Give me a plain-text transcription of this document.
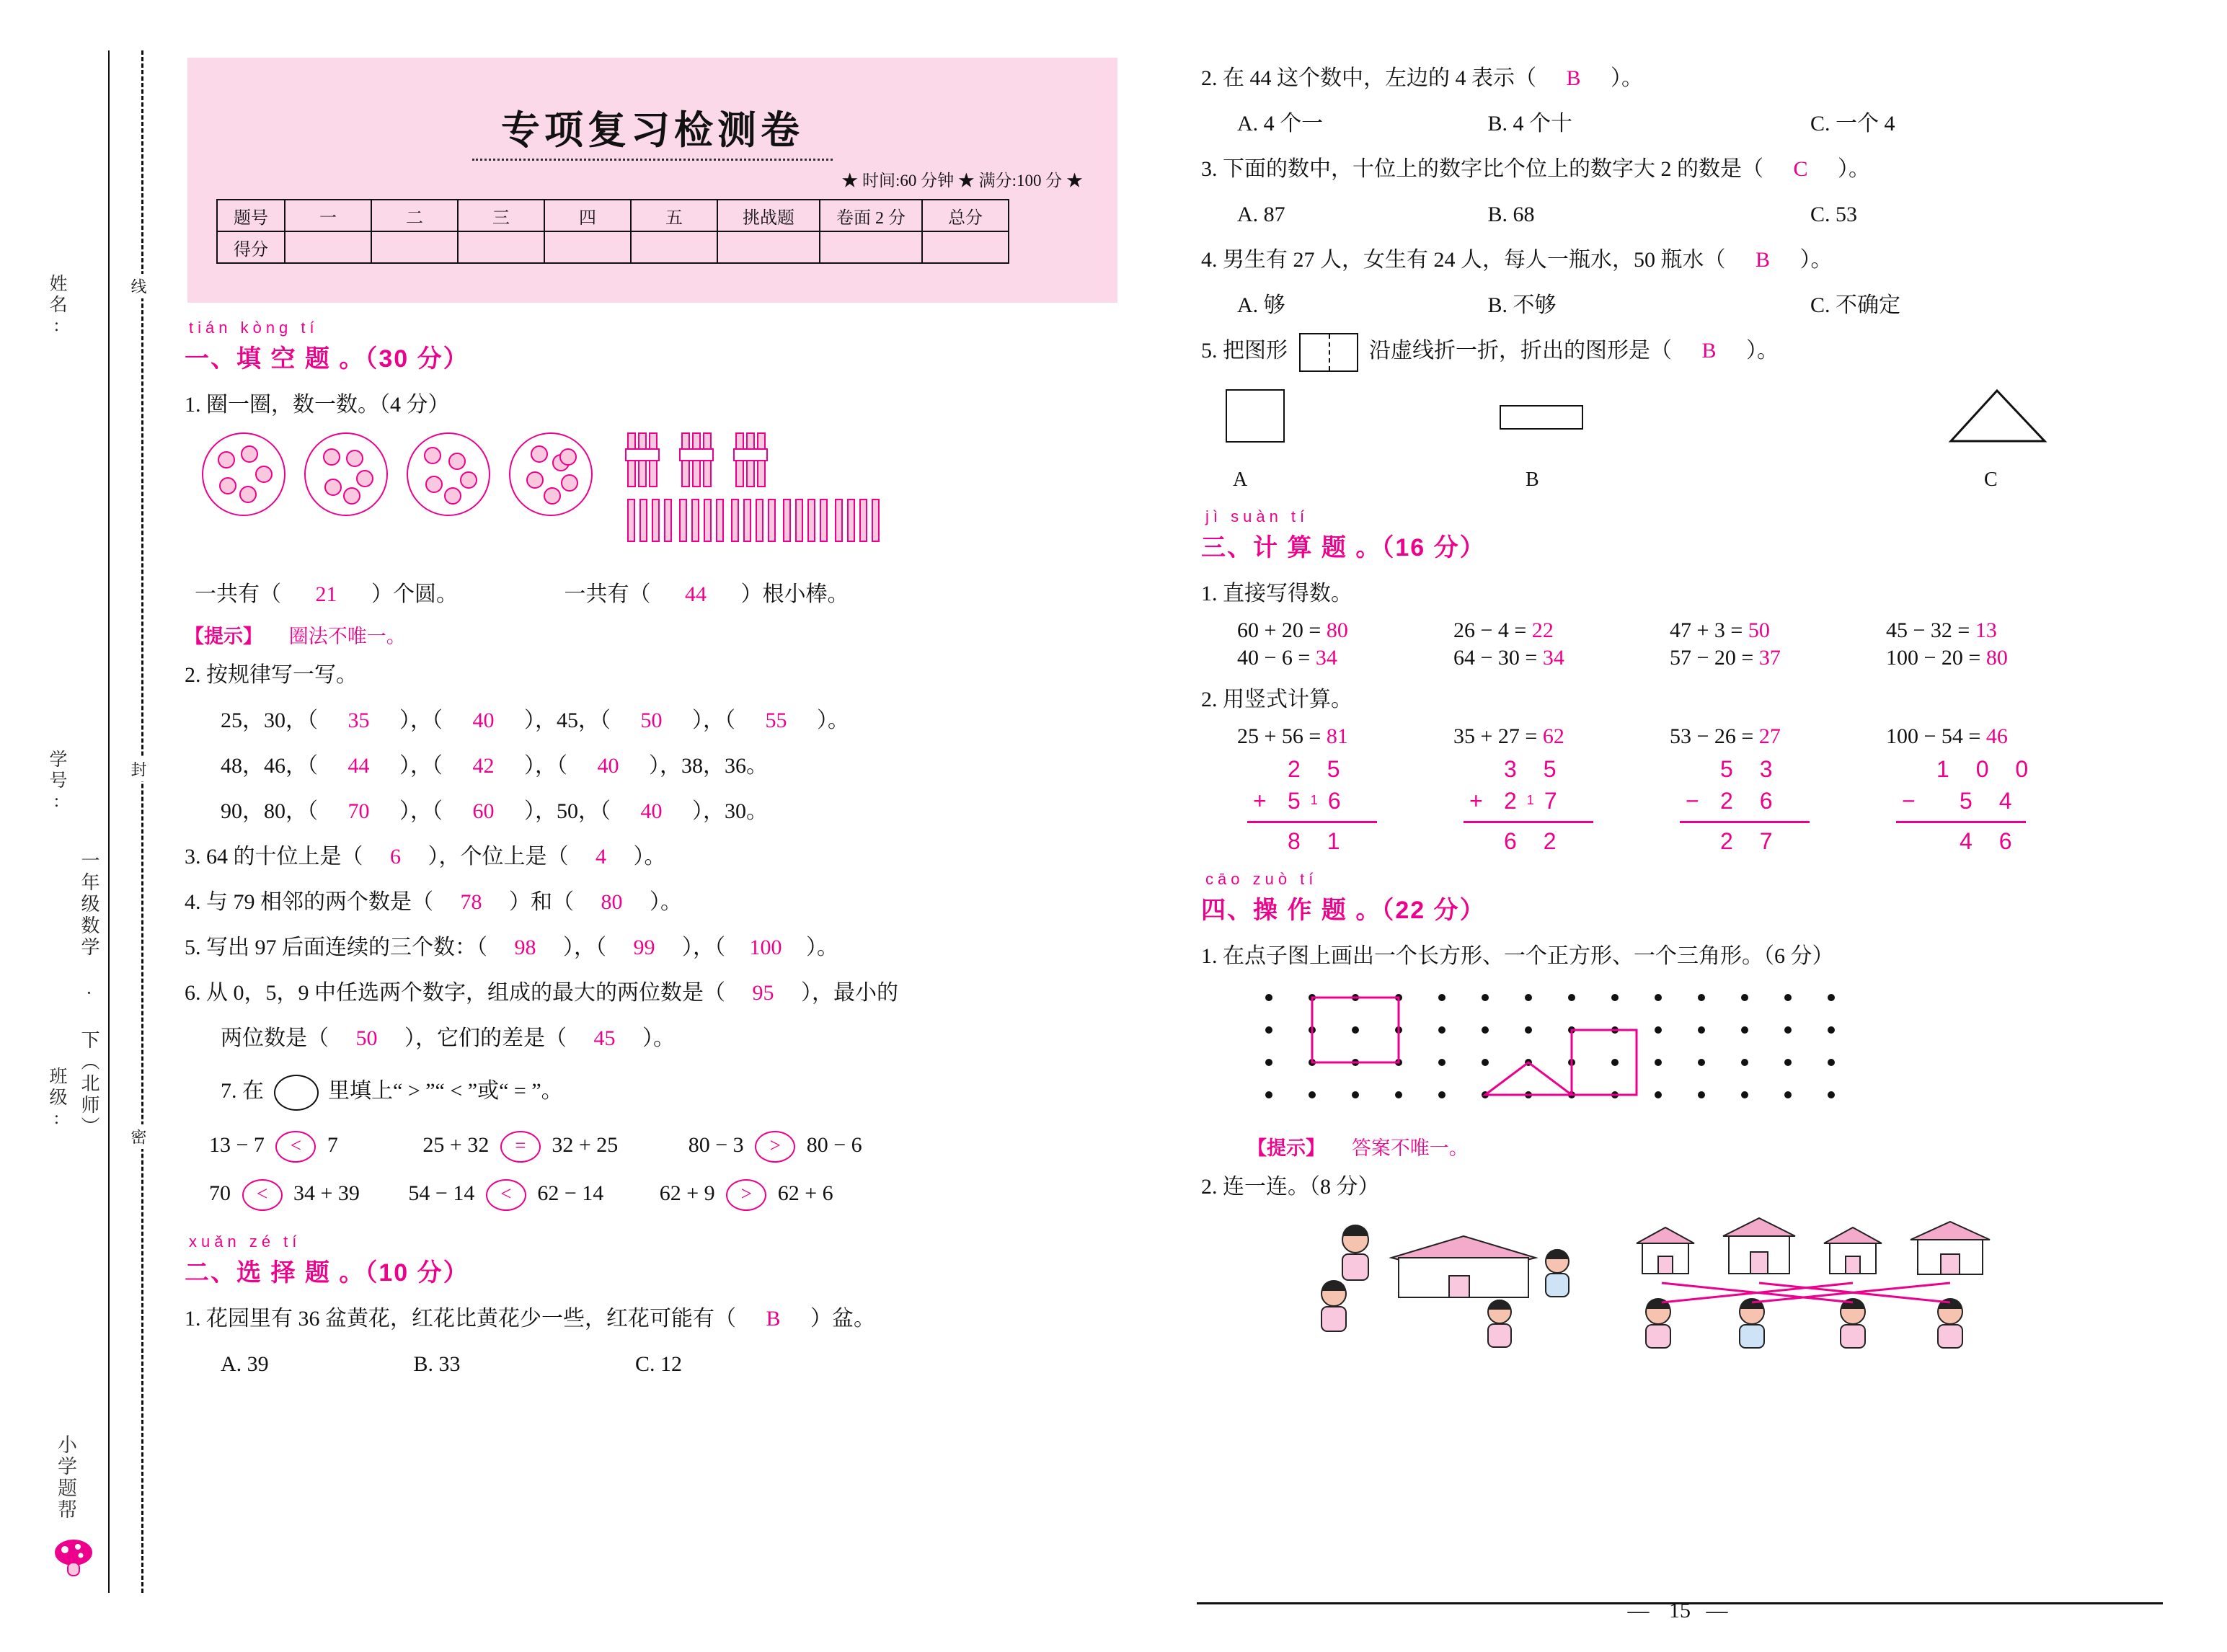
姓名:
学号:
班级: 一年级数学 · 下（北师）
线
封
密
小学题帮
专项复习检测卷
★ 时间:60 分钟 ★ 满分:100 分 ★
题号	一	二	三	四	五	挑战题	卷面 2 分	总分
得分								
tián kòng tí
一、填 空 题 。（30 分）
1. 圈一圈，数一数。（4 分）

一共有（ 21 ）个圆。	一共有（ 44 ）根小棒。
【提示】 圈法不唯一。
2. 按规律写一写。
25，30，（ 35 ），（ 40 ），45，（ 50 ），（ 55 ）。
48，46，（ 44 ），（ 42 ），（ 40 ），38，36。
90，80，（ 70 ），（ 60 ），50，（ 40 ），30。
3. 64 的十位上是（ 6 ），个位上是（ 4 ）。
4. 与 79 相邻的两个数是（ 78 ）和（ 80 ）。
5. 写出 97 后面连续的三个数：（ 98 ），（ 99 ），（ 100 ）。
6. 从 0，5，9 中任选两个数字，组成的最大的两位数是（ 95 ），最小的
两位数是（ 50 ），它们的差是（ 45 ）。
7. 在	里填上“ > ”“ < ”或“ = ”。
13 − 7 < 7	25 + 32 = 32 + 25	80 − 3 > 80 − 6
70 < 34 + 39 54 − 14 < 62 − 14	62 + 9 > 62 + 6
xuǎn zé tí
二、选 择 题 。（10 分）
1. 花园里有 36 盆黄花，红花比黄花少一些，红花可能有（ B ）盆。
A. 39	B. 33	C. 12
2. 在 44 这个数中，左边的 4 表示（ B ）。
A. 4 个一	B. 4 个十	C. 一个 4
3. 下面的数中，十位上的数字比个位上的数字大 2 的数是（ C ）。
A. 87	B. 68	C. 53
4. 男生有 27 人，女生有 24 人，每人一瓶水，50 瓶水（ B ）。
A. 够	B. 不够	C. 不确定
5. 把图形	沿虚线折一折，折出的图形是（ B ）。
A	B	C
jì suàn tí
三、计 算 题 。（16 分）
1. 直接写得数。
60 + 20 = 80	26 − 4 = 22	47 + 3 = 50	45 − 32 = 13
40 − 6 = 34	64 − 30 = 34	57 − 20 = 37	100 − 20 = 80
2. 用竖式计算。
25 + 56 = 81	35 + 27 = 62	53 − 26 = 27	100 − 54 = 46
2 5
+ 516
8 1
3 5
+ 217
6 2
5 3
− 2 6
2 7
1 0 0
− 5 4
4 6
cāo zuò tí
四、操 作 题 。（22 分）
1. 在点子图上画出一个长方形、一个正方形、一个三角形。（6 分）
【提示】 答案不唯一。
2. 连一连。（8 分）
— 15 —
